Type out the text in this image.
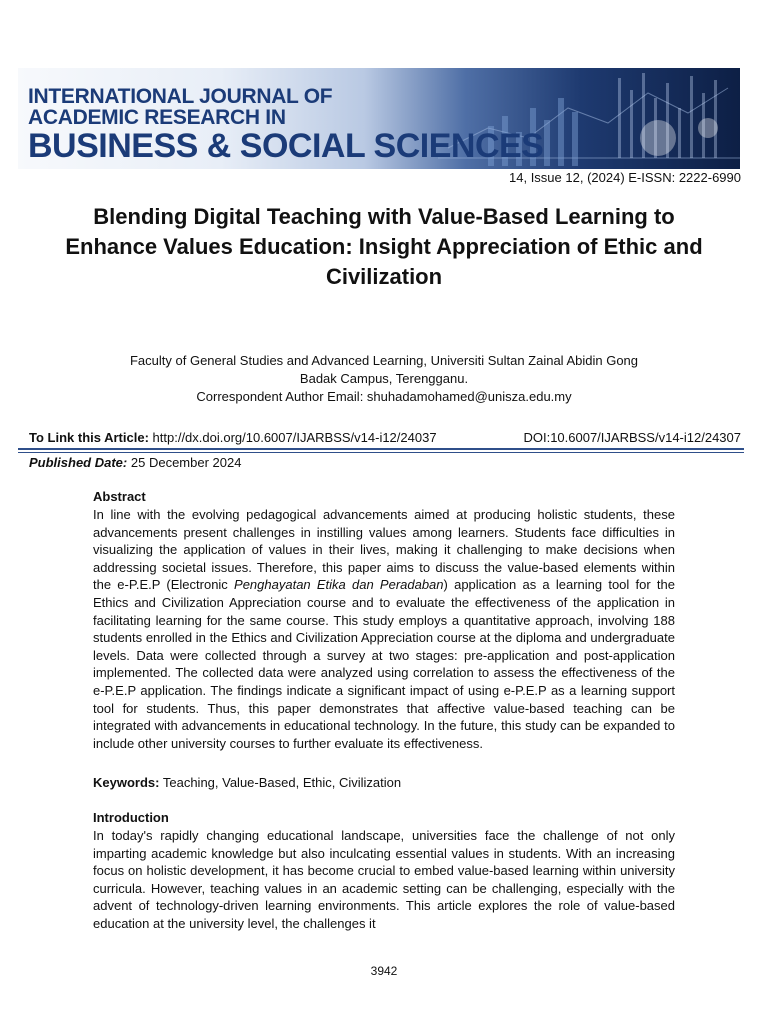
INTERNATIONAL JOURNAL OF
ACADEMIC RESEARCH IN
BUSINESS & SOCIAL SCIENCES
14, Issue 12, (2024) E-ISSN: 2222-6990
Blending Digital Teaching with Value-Based Learning to Enhance Values Education: Insight Appreciation of Ethic and Civilization
Faculty of General Studies and Advanced Learning, Universiti Sultan Zainal Abidin Gong
Badak Campus, Terengganu.
Correspondent Author Email: shuhadamohamed@unisza.edu.my
To Link this Article: http://dx.doi.org/10.6007/IJARBSS/v14-i12/24037	DOI:10.6007/IJARBSS/v14-i12/24307
Published Date: 25 December 2024
Abstract

In line with the evolving pedagogical advancements aimed at producing holistic students, these advancements present challenges in instilling values among learners. Students face difficulties in visualizing the application of values in their lives, making it challenging to make decisions when addressing societal issues. Therefore, this paper aims to discuss the value-based elements within the e-P.E.P (Electronic Penghayatan Etika dan Peradaban) application as a learning tool for the Ethics and Civilization Appreciation course and to evaluate the effectiveness of the application in facilitating learning for the same course. This study employs a quantitative approach, involving 188 students enrolled in the Ethics and Civilization Appreciation course at the diploma and undergraduate levels. Data were collected through a survey at two stages: pre-application and post-application implemented. The collected data were analyzed using correlation to assess the effectiveness of the e-P.E.P application. The findings indicate a significant impact of using e-P.E.P as a learning support tool for students. Thus, this paper demonstrates that affective value-based teaching can be integrated with advancements in educational technology. In the future, this study can be expanded to include other university courses to further evaluate its effectiveness.

Keywords: Teaching, Value-Based, Ethic, Civilization
Introduction

In today's rapidly changing educational landscape, universities face the challenge of not only imparting academic knowledge but also inculcating essential values in students. With an increasing focus on holistic development, it has become crucial to embed value-based learning within university curricula. However, teaching values in an academic setting can be challenging, especially with the advent of technology-driven learning environments. This article explores the role of value-based education at the university level, the challenges it

3942
